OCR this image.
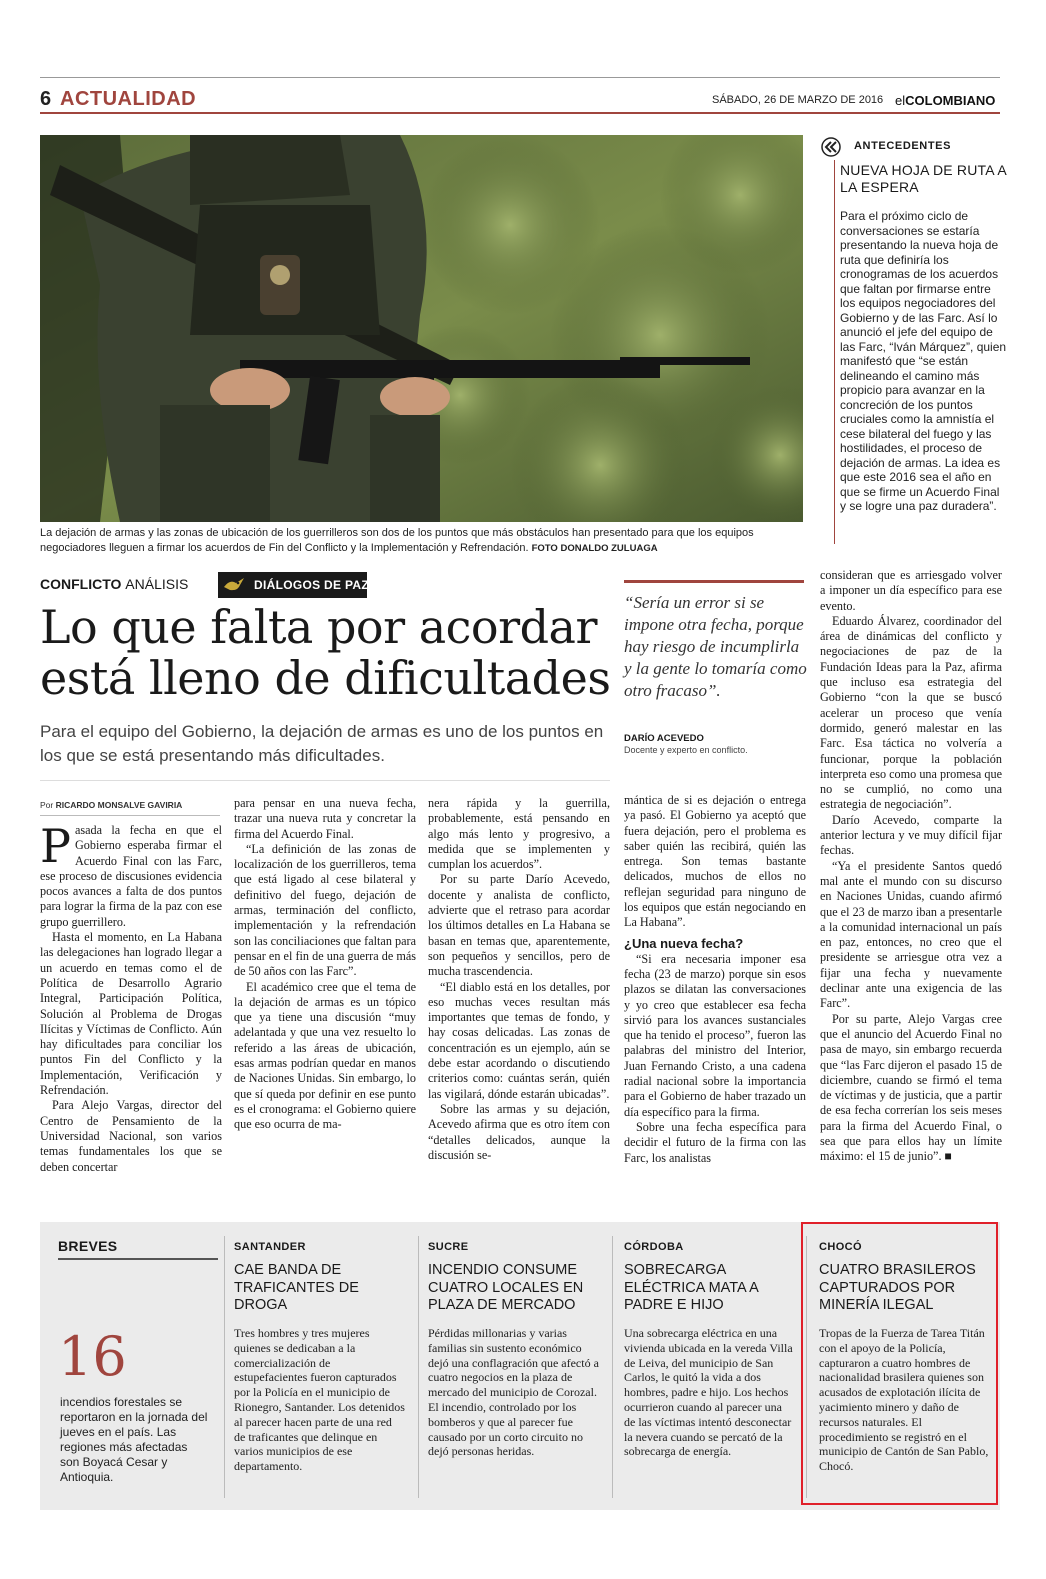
6 ACTUALIDAD	SÁBADO, 26 DE MARZO DE 2016 elCOLOMBIANO
La dejación de armas y las zonas de ubicación de los guerrilleros son dos de los puntos que más obstáculos han presentado para que los equipos negociadores lleguen a firmar los acuerdos de Fin del Conflicto y la Implementación y Refrendación. FOTO DONALDO ZULUAGA
ANTECEDENTES
NUEVA HOJA DE RUTA A LA ESPERA
Para el próximo ciclo de conversaciones se estaría presentando la nueva hoja de ruta que definiría los cronogramas de los acuerdos que faltan por firmarse entre los equipos negociadores del Gobierno y de las Farc. Así lo anunció el jefe del equipo de las Farc, “Iván Márquez”, quien manifestó que “se están delineando el camino más propicio para avanzar en la concreción de los puntos cruciales como la amnistía el cese bilateral del fuego y las hostilidades, el proceso de dejación de armas. La idea es que este 2016 sea el año en que se firme un Acuerdo Final y se logre una paz duradera”.
CONFLICTO ANÁLISIS	DIÁLOGOS DE PAZ
Lo que falta por acordar está lleno de dificultades
Para el equipo del Gobierno, la dejación de armas es uno de los puntos en los que se está presentando más dificultades.
“Sería un error si se impone otra fecha, porque hay riesgo de incumplirla y la gente lo tomaría como otro fracaso”.
DARÍO ACEVEDO
Docente y experto en conflicto.
Por RICARDO MONSALVE GAVIRIA

Pasada la fecha en que el Gobierno esperaba firmar el Acuerdo Final con las Farc, ese proceso de discusiones evidencia pocos avances a falta de dos puntos para lograr la firma de la paz con ese grupo guerrillero.

Hasta el momento, en La Habana las delegaciones han logrado llegar a un acuerdo en temas como el de Política de Desarrollo Agrario Integral, Participación Política, Solución al Problema de Drogas Ilícitas y Víctimas de Conflicto. Aún hay dificultades para conciliar los puntos Fin del Conflicto y la Implementación, Verificación y Refrendación.

Para Alejo Vargas, director del Centro de Pensamiento de la Universidad Nacional, son varios temas fundamentales los que se deben concertar

para pensar en una nueva fecha, trazar una nueva ruta y concretar la firma del Acuerdo Final.

“La definición de las zonas de localización de los guerrilleros, tema que está ligado al cese bilateral y definitivo del fuego, dejación de armas, terminación del conflicto, implementación y la refrendación son las conciliaciones que faltan para pensar en el fin de una guerra de más de 50 años con las Farc”.

El académico cree que el tema de la dejación de armas es un tópico que ya tiene una discusión “muy adelantada y que una vez resuelto lo referido a las áreas de ubicación, esas armas podrían quedar en manos de Naciones Unidas. Sin embargo, lo que sí queda por definir en ese punto es el cronograma: el Gobierno quiere que eso ocurra de ma-

nera rápida y la guerrilla, probablemente, está pensando en algo más lento y progresivo, a medida que se implementen y cumplan los acuerdos”.

Por su parte Darío Acevedo, docente y analista de conflicto, advierte que el retraso para acordar los últimos detalles en La Habana se basan en temas que, aparentemente, son pequeños y sencillos, pero de mucha trascendencia.

“El diablo está en los detalles, por eso muchas veces resultan más importantes que temas de fondo, y hay cosas delicadas. Las zonas de concentración es un ejemplo, aún se debe estar acordando o discutiendo criterios como: cuántas serán, quién las vigilará, dónde estarán ubicadas”.

Sobre las armas y su dejación, Acevedo afirma que es otro ítem con “detalles delicados, aunque la discusión se-

mántica de si es dejación o entrega ya pasó. El Gobierno ya aceptó que fuera dejación, pero el problema es saber quién las recibirá, quién las entrega. Son temas bastante delicados, muchos de ellos no reflejan seguridad para ninguno de los equipos que están negociando en La Habana”.

¿Una nueva fecha?

“Si era necesaria imponer esa fecha (23 de marzo) porque sin esos plazos se dilatan las conversaciones y yo creo que establecer esa fecha sirvió para los avances sustanciales que ha tenido el proceso”, fueron las palabras del ministro del Interior, Juan Fernando Cristo, a una cadena radial nacional sobre la importancia para el Gobierno de haber trazado un día específico para la firma.

Sobre una fecha específica para decidir el futuro de la firma con las Farc, los analistas

consideran que es arriesgado volver a imponer un día específico para ese evento.

Eduardo Álvarez, coordinador del área de dinámicas del conflicto y negociaciones de paz de la Fundación Ideas para la Paz, afirma que incluso esa estrategia del Gobierno “con la que se buscó acelerar un proceso que venía dormido, generó malestar en las Farc. Esa táctica no volvería a funcionar, porque la población interpreta eso como una promesa que no se cumplió, no como una estrategia de negociación”.

Darío Acevedo, comparte la anterior lectura y ve muy difícil fijar fechas.

“Ya el presidente Santos quedó mal ante el mundo con su discurso en Naciones Unidas, cuando afirmó que el 23 de marzo iban a presentarle a la comunidad internacional un país en paz, entonces, no creo que el presidente se arriesgue otra vez a fijar una fecha y nuevamente declinar ante una exigencia de las Farc”.

Por su parte, Alejo Vargas cree que el anuncio del Acuerdo Final no pasa de mayo, sin embargo recuerda que “las Farc dijeron el pasado 15 de diciembre, cuando se firmó el tema de víctimas y de justicia, que a partir de esa fecha correrían los seis meses para la firma del Acuerdo Final, o sea que para ellos hay un límite máximo: el 15 de junio”. ■

BREVES
16
incendios forestales se reportaron en la jornada del jueves en el país. Las regiones más afectadas son Boyacá Cesar y Antioquia.
SANTANDER
CAE BANDA DE TRAFICANTES DE DROGA
Tres hombres y tres mujeres quienes se dedicaban a la comercialización de estupefacientes fueron capturados por la Policía en el municipio de Rionegro, Santander. Los detenidos al parecer hacen parte de una red de traficantes que delinque en varios municipios de ese departamento.
SUCRE
INCENDIO CONSUME CUATRO LOCALES EN PLAZA DE MERCADO
Pérdidas millonarias y varias familias sin sustento económico dejó una conflagración que afectó a cuatro negocios en la plaza de mercado del municipio de Corozal. El incendio, controlado por los bomberos y que al parecer fue causado por un corto circuito no dejó personas heridas.
CÓRDOBA
SOBRECARGA ELÉCTRICA MATA A PADRE E HIJO
Una sobrecarga eléctrica en una vivienda ubicada en la vereda Villa de Leiva, del municipio de San Carlos, le quitó la vida a dos hombres, padre e hijo. Los hechos ocurrieron cuando al parecer una de las víctimas intentó desconectar la nevera cuando se percató de la sobrecarga de energía.
CHOCÓ
CUATRO BRASILEROS CAPTURADOS POR MINERÍA ILEGAL
Tropas de la Fuerza de Tarea Titán con el apoyo de la Policía, capturaron a cuatro hombres de nacionalidad brasilera quienes son acusados de explotación ilícita de yacimiento minero y daño de recursos naturales. El procedimiento se registró en el municipio de Cantón de San Pablo, Chocó.
